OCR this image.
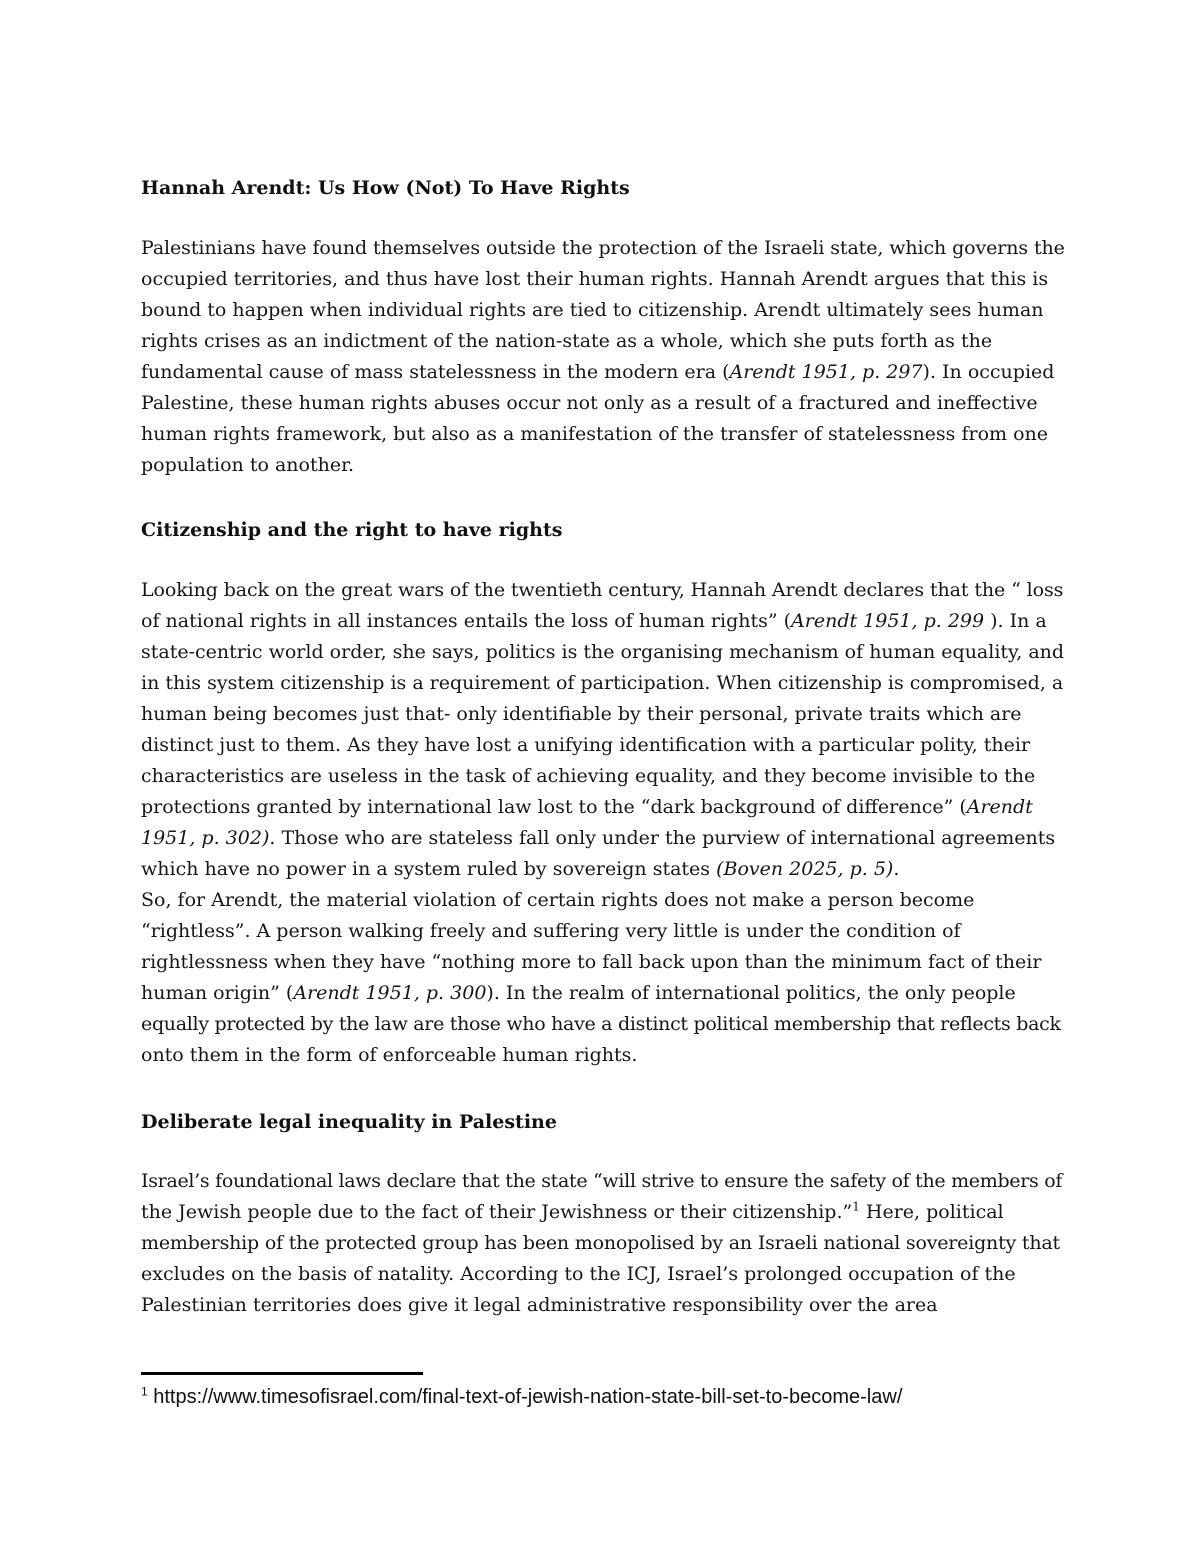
Hannah Arendt: Us How (Not) To Have Rights

Palestinians have found themselves outside the protection of the Israeli state, which governs the
occupied territories, and thus have lost their human rights. Hannah Arendt argues that this is
bound to happen when individual rights are tied to citizenship. Arendt ultimately sees human
rights crises as an indictment of the nation-state as a whole, which she puts forth as the
fundamental cause of mass statelessness in the modern era (Arendt 1951, p. 297). In occupied
Palestine, these human rights abuses occur not only as a result of a fractured and ineffective
human rights framework, but also as a manifestation of the transfer of statelessness from one
population to another.

Citizenship and the right to have rights

Looking back on the great wars of the twentieth century, Hannah Arendt declares that the “ loss
of national rights in all instances entails the loss of human rights” (Arendt 1951, p. 299 ). In a
state-centric world order, she says, politics is the organising mechanism of human equality, and
in this system citizenship is a requirement of participation. When citizenship is compromised, a
human being becomes just that- only identifiable by their personal, private traits which are
distinct just to them. As they have lost a unifying identification with a particular polity, their
characteristics are useless in the task of achieving equality, and they become invisible to the
protections granted by international law lost to the “dark background of difference” (Arendt
1951, p. 302). Those who are stateless fall only under the purview of international agreements
which have no power in a system ruled by sovereign states (Boven 2025, p. 5).
So, for Arendt, the material violation of certain rights does not make a person become
“rightless”. A person walking freely and suffering very little is under the condition of
rightlessness when they have “nothing more to fall back upon than the minimum fact of their
human origin” (Arendt 1951, p. 300). In the realm of international politics, the only people
equally protected by the law are those who have a distinct political membership that reflects back
onto them in the form of enforceable human rights.

Deliberate legal inequality in Palestine

Israel’s foundational laws declare that the state “will strive to ensure the safety of the members of
the Jewish people due to the fact of their Jewishness or their citizenship.”$^1$ Here, political
membership of the protected group has been monopolised by an Israeli national sovereignty that
excludes on the basis of natality. According to the ICJ, Israel’s prolonged occupation of the
Palestinian territories does give it legal administrative responsibility over the area

$^1$ https://www.timesofisrael.com/final-text-of-jewish-nation-state-bill-set-to-become-law/
